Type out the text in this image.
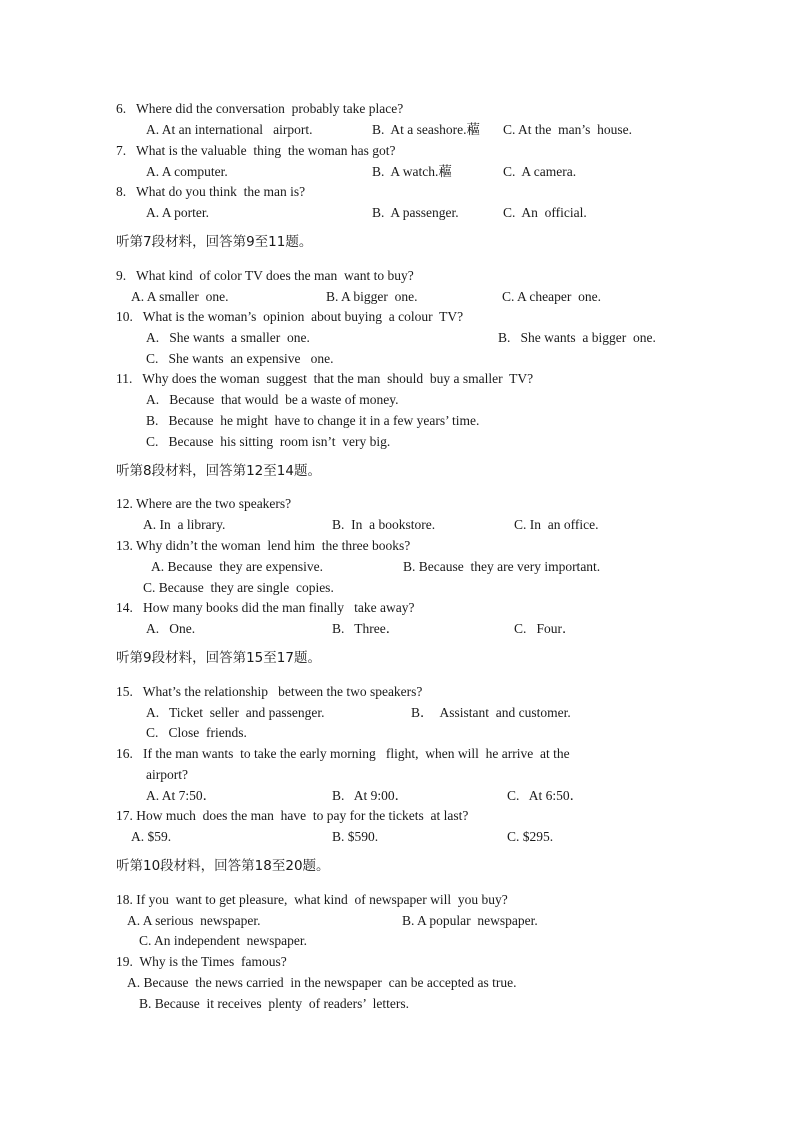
6.   Where did the conversation  probably take place?
A. At an international   airport.	B.  At a seashore.藲 C. At the  man’s  house.
7.   What is the valuable  thing  the woman has got?
A. A computer.	B.  A watch.藲	C.  A camera.
8.   What do you think  the man is?
A. A porter.	B.  A passenger.	C.  An  official.
听第7段材料，回答第9至11题。
9.   What kind  of color TV does the man  want to buy?
A. A smaller  one.	B. A bigger  one.	C. A cheaper  one.
10.   What is the woman’s  opinion  about buying  a colour  TV?
A.   She wants  a smaller  one.	B.   She wants  a bigger  one.
C.   She wants  an expensive   one.
11.   Why does the woman  suggest  that the man  should  buy a smaller  TV?
A.   Because  that would  be a waste of money.
B.   Because  he might  have to change it in a few years’ time.
C.   Because  his sitting  room isn’t  very big.
听第8段材料，回答第12至14题。
12. Where are the two speakers?
A. In  a library.	B.  In  a bookstore.	C. In  an office.
13. Why didn’t the woman  lend him  the three books?
A. Because  they are expensive.	B. Because  they are very important.
C. Because  they are single  copies.
14.   How many books did the man finally   take away?
A.   One.	B.   Three．	C.   Four．
听第9段材料，回答第15至17题。
15.   What’s the relationship   between the two speakers?
A.   Ticket  seller  and passenger.	B．  Assistant  and customer.
C.   Close  friends.
16.   If the man wants  to take the early morning   flight,  when will  he arrive  at the
airport?
A. At 7:50．	B.   At 9:00．	C.   At 6:50．
17. How much  does the man  have  to pay for the tickets  at last?
A. $59.	B. $590.	C. $295.
听第10段材料，回答第18至20题。
18. If you  want to get pleasure,  what kind  of newspaper will  you buy?
A. A serious  newspaper.	B. A popular  newspaper.
C. An independent  newspaper.
19.  Why is the Times  famous?
A. Because  the news carried  in the newspaper  can be accepted as true.
B. Because  it receives  plenty  of readers’  letters.
